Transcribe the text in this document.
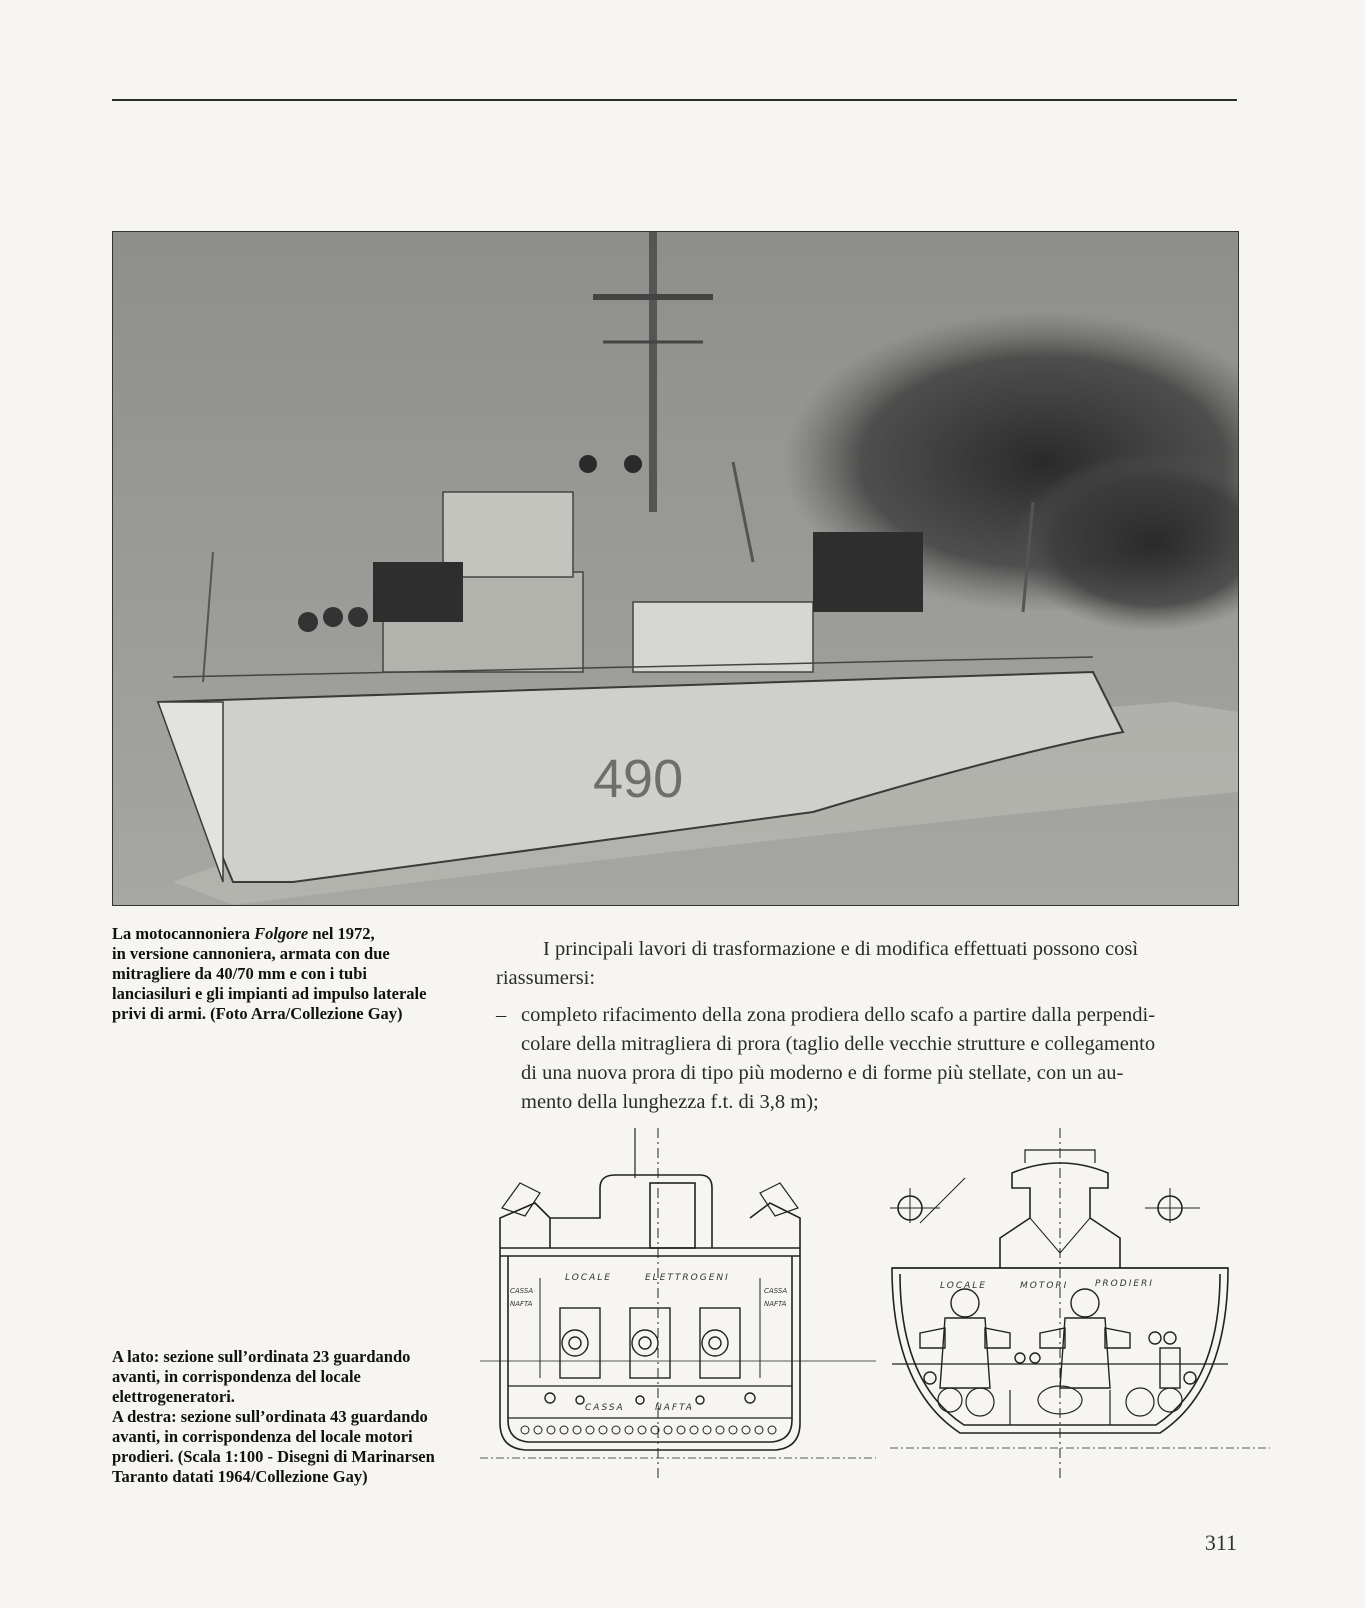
490
La motocannoniera Folgore nel 1972,
in versione cannoniera, armata con due
mitragliere da 40/70 mm e con i tubi
lanciasiluri e gli impianti ad impulso laterale
privi di armi. (Foto Arra/Collezione Gay)
I principali lavori di trasformazione e di modifica effettuati possono così
riassumersi:
– completo rifacimento della zona prodiera dello scafo a partire dalla perpendi-
colare della mitragliera di prora (taglio delle vecchie strutture e collegamento
di una nuova prora di tipo più moderno e di forme più stellate, con un au-
mento della lunghezza f.t. di 3,8 m);
A lato: sezione sull’ordinata 23 guardando
avanti, in corrispondenza del locale
elettrogeneratori.
A destra: sezione sull’ordinata 43 guardando
avanti, in corrispondenza del locale motori
prodieri. (Scala 1:100 - Disegni di Marinarsen
Taranto datati 1964/Collezione Gay)
LOCALE	ELETTROGENI
CASSA
NAFTA
CASSA
NAFTA
CASSA	NAFTA
LOCALE	MOTORI	PRODIERI
311
